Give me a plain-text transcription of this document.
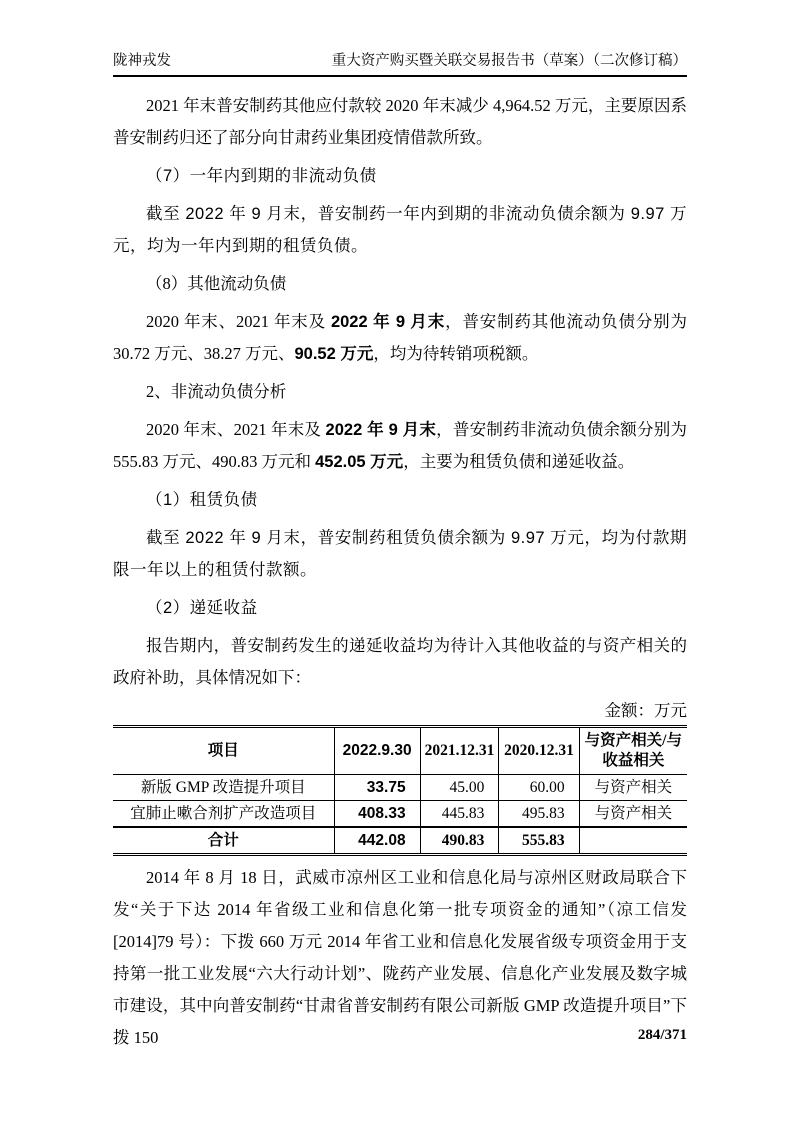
陇神戎发	重大资产购买暨关联交易报告书（草案）（二次修订稿）

2021 年末普安制药其他应付款较 2020 年末减少 4,964.52 万元，主要原因系普安制药归还了部分向甘肃药业集团疫情借款所致。

（7）一年内到期的非流动负债

截至 2022 年 9 月末，普安制药一年内到期的非流动负债余额为 9.97 万元，均为一年内到期的租赁负债。

（8）其他流动负债

2020 年末、2021 年末及 2022 年 9 月末，普安制药其他流动负债分别为 30.72 万元、38.27 万元、90.52 万元，均为待转销项税额。

2、非流动负债分析

2020 年末、2021 年末及 2022 年 9 月末，普安制药非流动负债余额分别为 555.83 万元、490.83 万元和 452.05 万元，主要为租赁负债和递延收益。

（1）租赁负债

截至 2022 年 9 月末，普安制药租赁负债余额为 9.97 万元，均为付款期限一年以上的租赁付款额。

（2）递延收益

报告期内，普安制药发生的递延收益均为待计入其他收益的与资产相关的政府补助，具体情况如下：

金额：万元

项目	2022.9.30	2021.12.31	2020.12.31	与资产相关/与收益相关
新版 GMP 改造提升项目	33.75	45.00	60.00	与资产相关
宜肺止嗽合剂扩产改造项目	408.33	445.83	495.83	与资产相关
合计	442.08	490.83	555.83	

2014 年 8 月 18 日，武威市凉州区工业和信息化局与凉州区财政局联合下发“关于下达 2014 年省级工业和信息化第一批专项资金的通知”（凉工信发[2014]79 号）：下拨 660 万元 2014 年省工业和信息化发展省级专项资金用于支持第一批工业发展“六大行动计划”、陇药产业发展、信息化产业发展及数字城市建设，其中向普安制药“甘肃省普安制药有限公司新版 GMP 改造提升项目”下拨 150	284/371
